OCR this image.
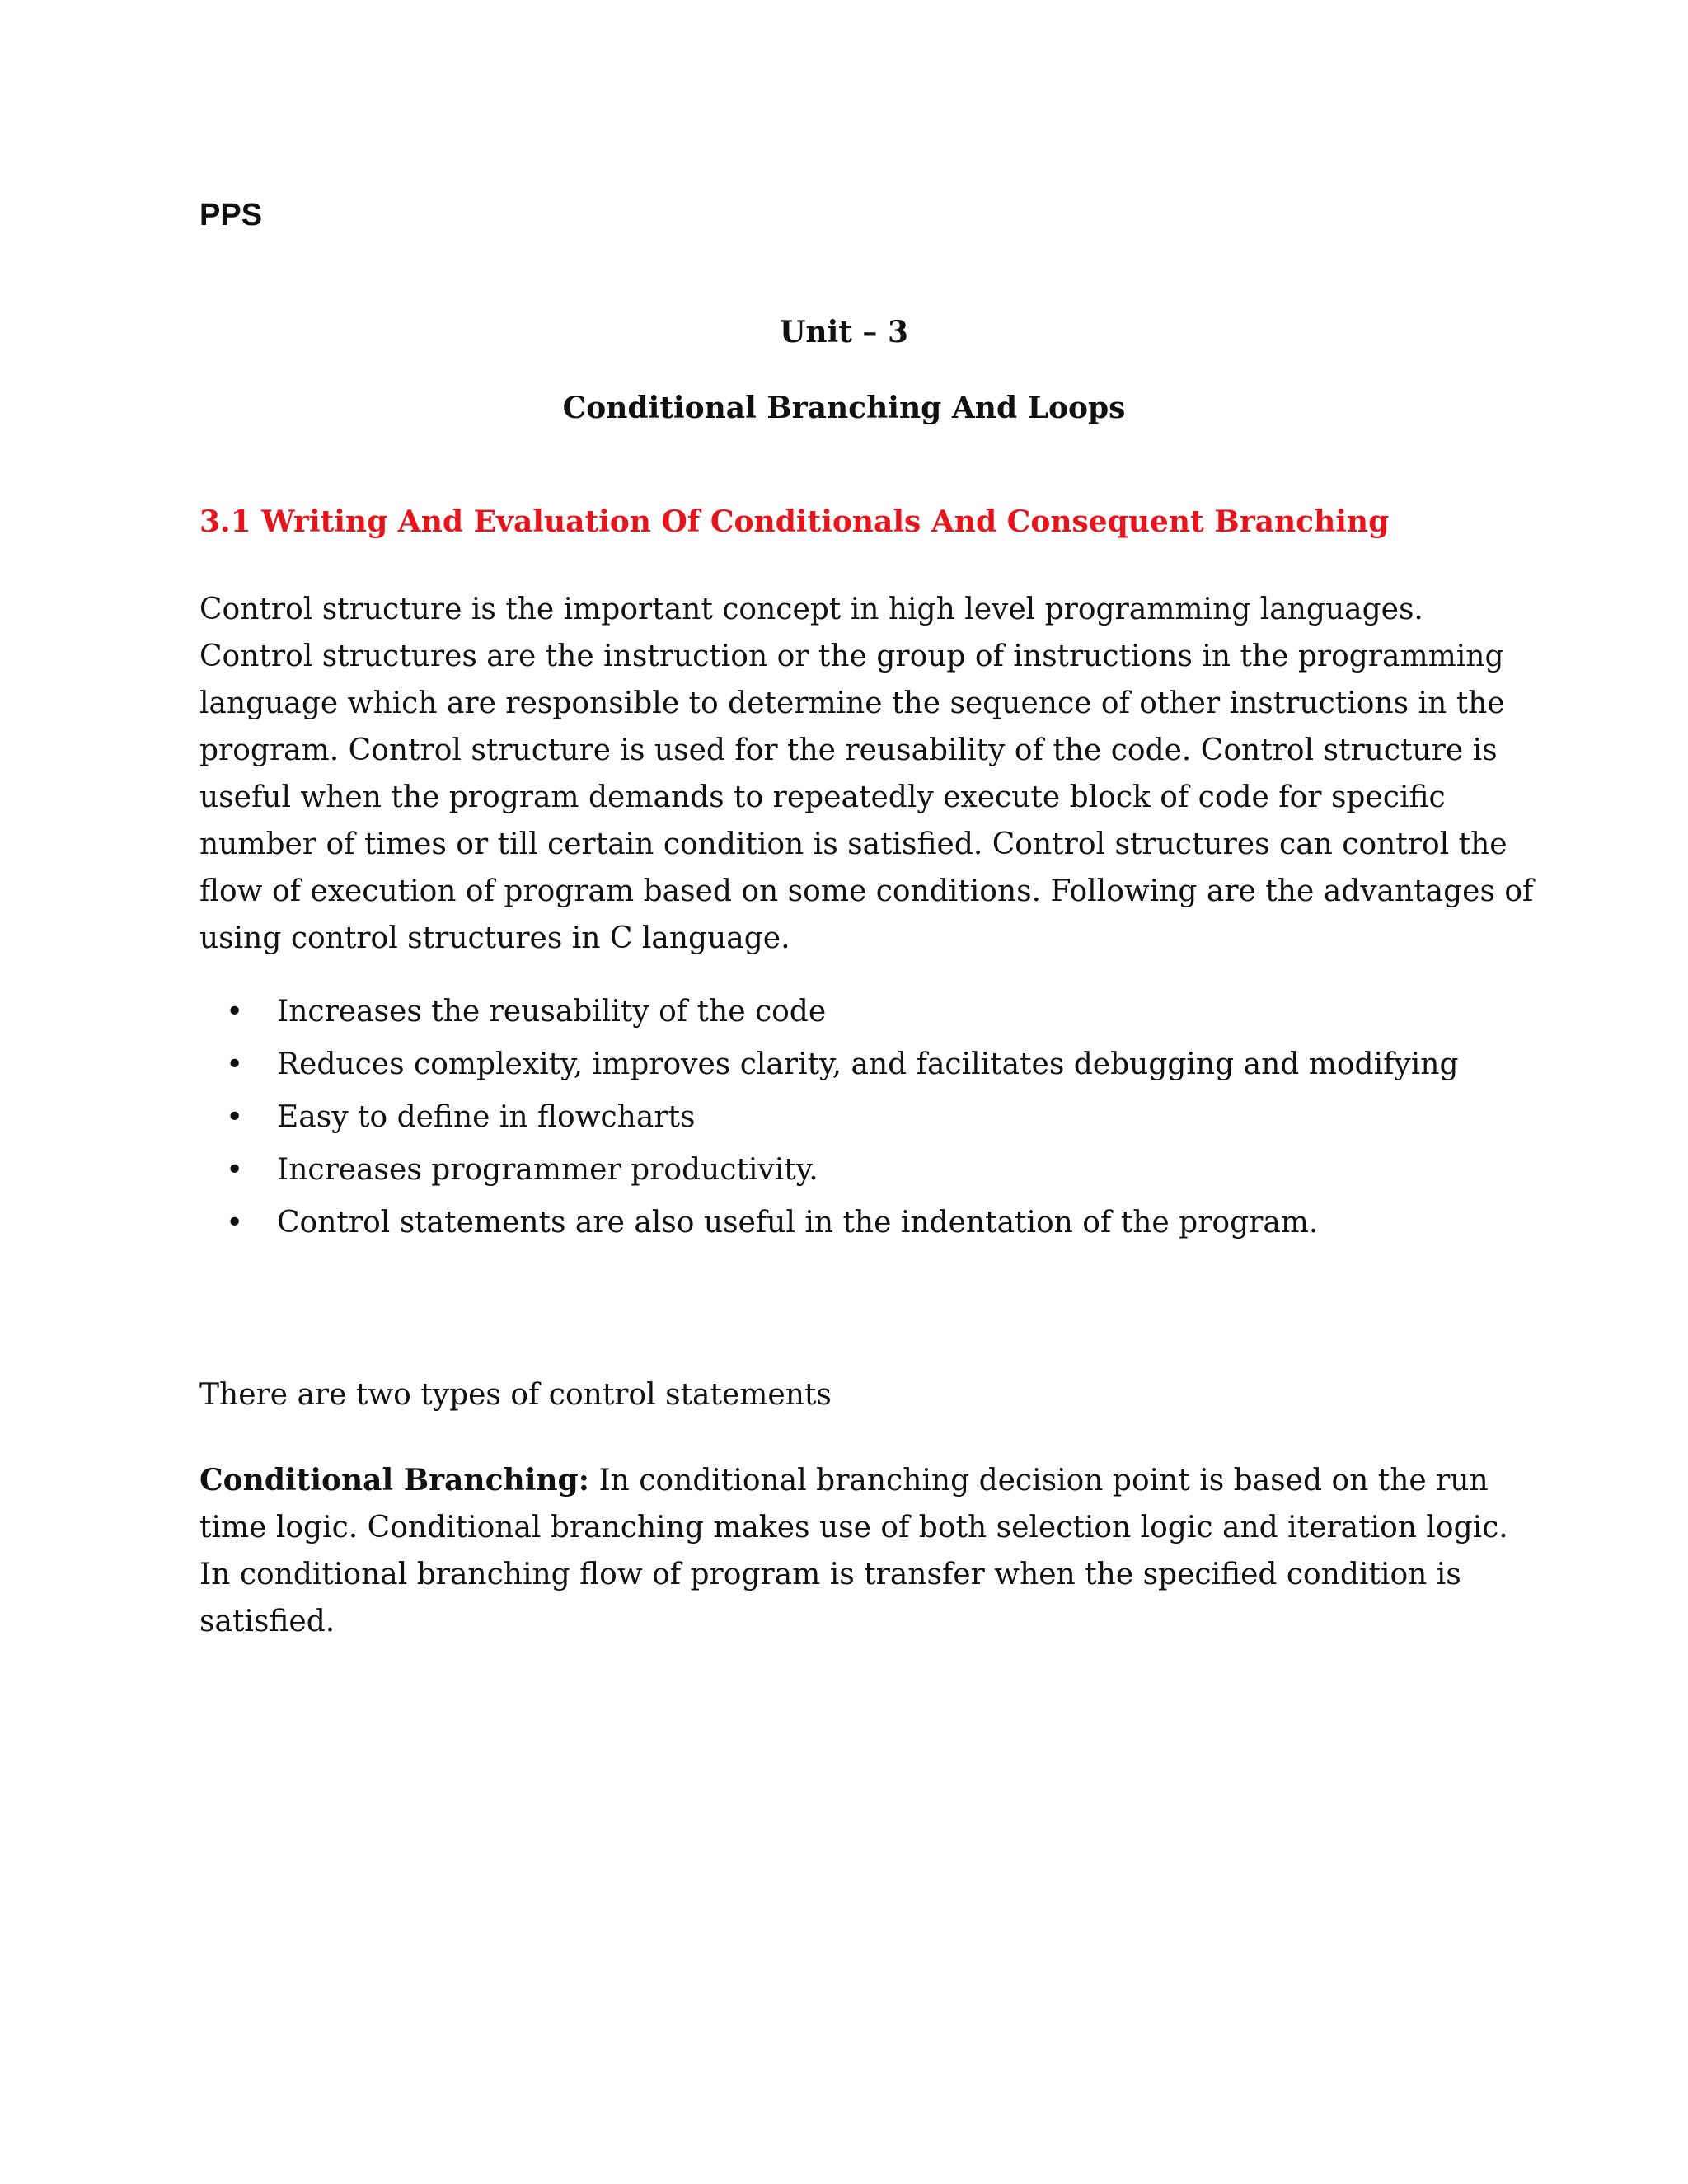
PPS
Unit – 3
Conditional Branching And Loops
3.1 Writing And Evaluation Of Conditionals And Consequent Branching
Control structure is the important concept in high level programming languages.
Control structures are the instruction or the group of instructions in the programming
language which are responsible to determine the sequence of other instructions in the
program. Control structure is used for the reusability of the code. Control structure is
useful when the program demands to repeatedly execute block of code for specific
number of times or till certain condition is satisfied. Control structures can control the
flow of execution of program based on some conditions. Following are the advantages of
using control structures in C language.
• Increases the reusability of the code
• Reduces complexity, improves clarity, and facilitates debugging and modifying
• Easy to define in flowcharts
• Increases programmer productivity.
• Control statements are also useful in the indentation of the program.
There are two types of control statements
Conditional Branching: In conditional branching decision point is based on the run
time logic. Conditional branching makes use of both selection logic and iteration logic.
In conditional branching flow of program is transfer when the specified condition is
satisfied.
